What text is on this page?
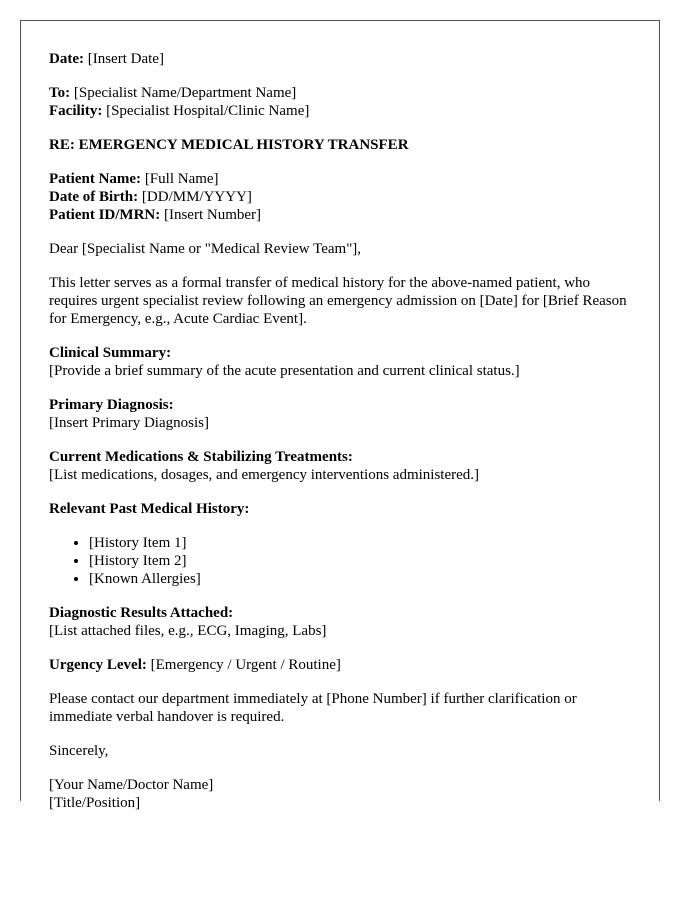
Date: [Insert Date]

To: [Specialist Name/Department Name]
Facility: [Specialist Hospital/Clinic Name]

RE: EMERGENCY MEDICAL HISTORY TRANSFER

Patient Name: [Full Name]
Date of Birth: [DD/MM/YYYY]
Patient ID/MRN: [Insert Number]

Dear [Specialist Name or "Medical Review Team"],

This letter serves as a formal transfer of medical history for the above-named patient, who requires urgent specialist review following an emergency admission on [Date] for [Brief Reason for Emergency, e.g., Acute Cardiac Event].

Clinical Summary:
[Provide a brief summary of the acute presentation and current clinical status.]

Primary Diagnosis:
[Insert Primary Diagnosis]

Current Medications & Stabilizing Treatments:
[List medications, dosages, and emergency interventions administered.]

Relevant Past Medical History:

• [History Item 1]
• [History Item 2]
• [Known Allergies]

Diagnostic Results Attached:
[List attached files, e.g., ECG, Imaging, Labs]

Urgency Level: [Emergency / Urgent / Routine]

Please contact our department immediately at [Phone Number] if further clarification or immediate verbal handover is required.

Sincerely,

[Your Name/Doctor Name]
[Title/Position]
